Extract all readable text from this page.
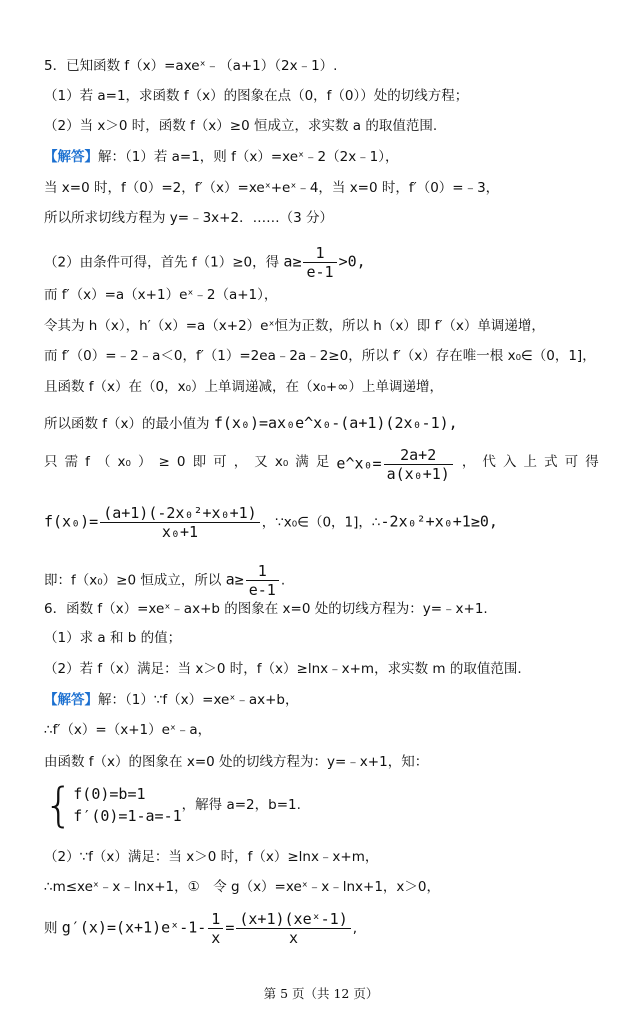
5．已知函数 f（x）=axeˣ﹣（a+1）（2x﹣1）.
（1）若 a=1，求函数 f（x）的图象在点（0，f（0））处的切线方程；
（2）当 x＞0 时，函数 f（x）≥0 恒成立，求实数 a 的取值范围.
【解答】解：（1）若 a=1，则 f（x）=xeˣ﹣2（2x﹣1），
当 x=0 时，f（0）=2，f′（x）=xeˣ+eˣ﹣4，当 x=0 时，f′（0）=﹣3，
所以所求切线方程为 y=﹣3x+2．……（3 分）
（2）由条件可得，首先 f（1）≥0，得 $a\ge \frac{1}{e-1} >0$,
而 f′（x）=a（x+1）eˣ﹣2（a+1），
令其为 h（x），h′（x）=a（x+2）eˣ恒为正数，所以 h（x）即 f′（x）单调递增，
而 f′（0）=﹣2﹣a＜0，f′（1）=2ea﹣2a﹣2≥0，所以 f′（x）存在唯一根 x₀∈（0，1]，
且函数 f（x）在（0，x₀）上单调递减，在（x₀+∞）上单调递增，
所以函数 f（x）的最小值为 f(x₀)=ax₀e^x₀-(a+1)(2x₀-1),
只 需 f （ x₀ ） ≥ 0 即 可 ， 又 x₀ 满 足 e^x₀= $\frac{2a+2}{\text{a(x₀+1)}}$ ， 代 入 上 式 可 得
$f(x_0)= \frac{\text{(a+1)(-2x₀²+x₀+1)}}{\text{x₀+1}}$ ，∵x₀∈（0，1]，∴-2x₀²+x₀+1≥0,
即：f（x₀）≥0 恒成立，所以 $a\ge \frac{1}{e-1}$ .
6．函数 f（x）=xeˣ﹣ax+b 的图象在 x=0 处的切线方程为：y=﹣x+1.
（1）求 a 和 b 的值；
（2）若 f（x）满足：当 x＞0 时，f（x）≥lnx﹣x+m，求实数 m 的取值范围.
【解答】解：（1）∵f（x）=xeˣ﹣ax+b，
∴f′（x）=（x+1）eˣ﹣a，
由函数 f（x）的图象在 x=0 处的切线方程为：y=﹣x+1，知：
{ f(0)=b=1
f′(0)=1-a=-1
，解得 a=2，b=1.
（2）∵f（x）满足：当 x＞0 时，f（x）≥lnx﹣x+m，
∴m≤xeˣ﹣x﹣lnx+1，①　令 g（x）=xeˣ﹣x﹣lnx+1，x＞0，
则 g′(x)=(x+1)eˣ-1- $\frac{1}{x} = \frac{\text{(x+1)(xeˣ-1)}}{x}$ ,
第 5 页（共 12 页）
